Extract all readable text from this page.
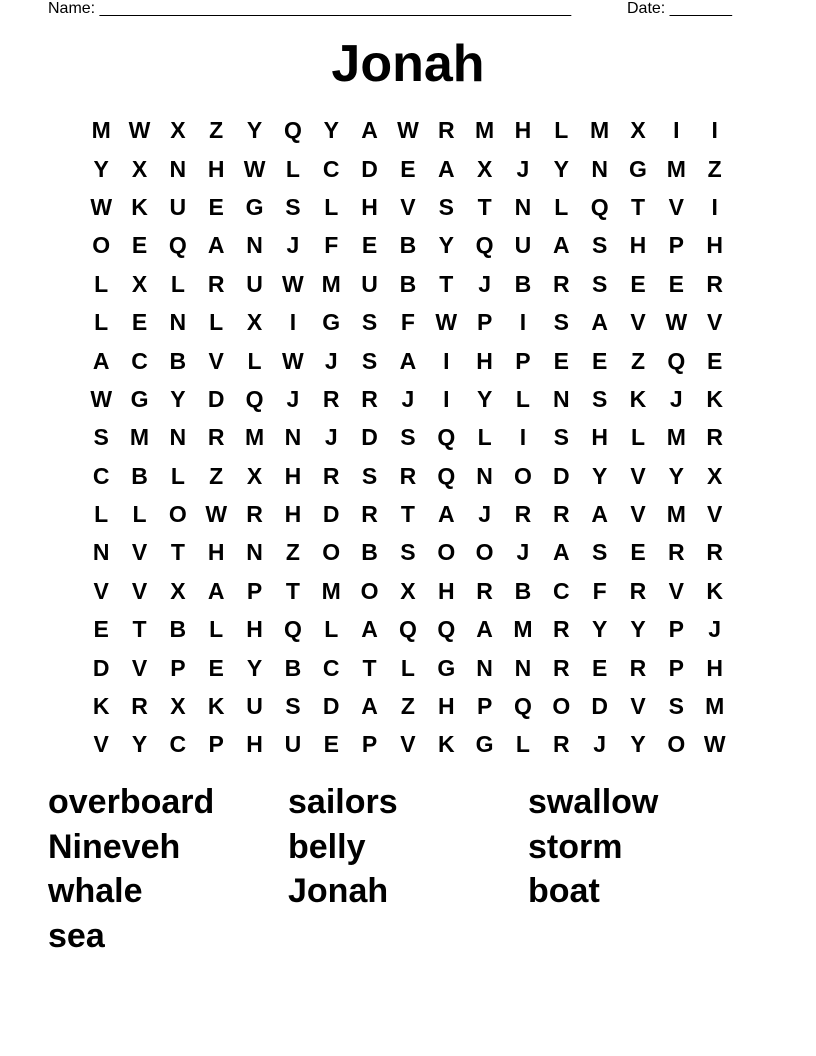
Name: _____________________________________________________	Date: _______
Jonah
M W X	Z	Y Q Y A W R M H	L M X	I	I
Y	X N H W L	C D E A X	J	Y N G M Z
W K U E G S	L	H V	S	T	N	L Q T	V	I
O E Q A N	J	F	E B Y Q U A S H P H
L	X	L	R U W M U B	T	J	B R S	E	E R
L	E N	L	X	I	G S	F W P	I	S A V W V
A C B V	L W J	S A	I	H P	E	E	Z Q E
W G Y D Q	J	R R	J	I	Y	L	N S K	J	K
S M N R M N	J	D S Q L	I	S H	L M R
C B	L	Z	X H R S R Q N O D Y	V	Y	X
L	L O W R H D R	T	A	J	R R A V M V
N V	T	H N	Z O B S O O	J	A S	E R R
V	V	X A P	T M O X H R B C	F	R V K
E	T	B	L	H Q L	A Q Q A M R Y	Y	P	J
D V	P	E	Y B C	T	L G N N R E R P H
K R X K U S D A	Z	H P Q O D V	S M
V	Y C P H U E	P	V K G L	R	J	Y O W
overboard	sailors	swallow
Nineveh	belly	storm
whale	Jonah	boat
sea
